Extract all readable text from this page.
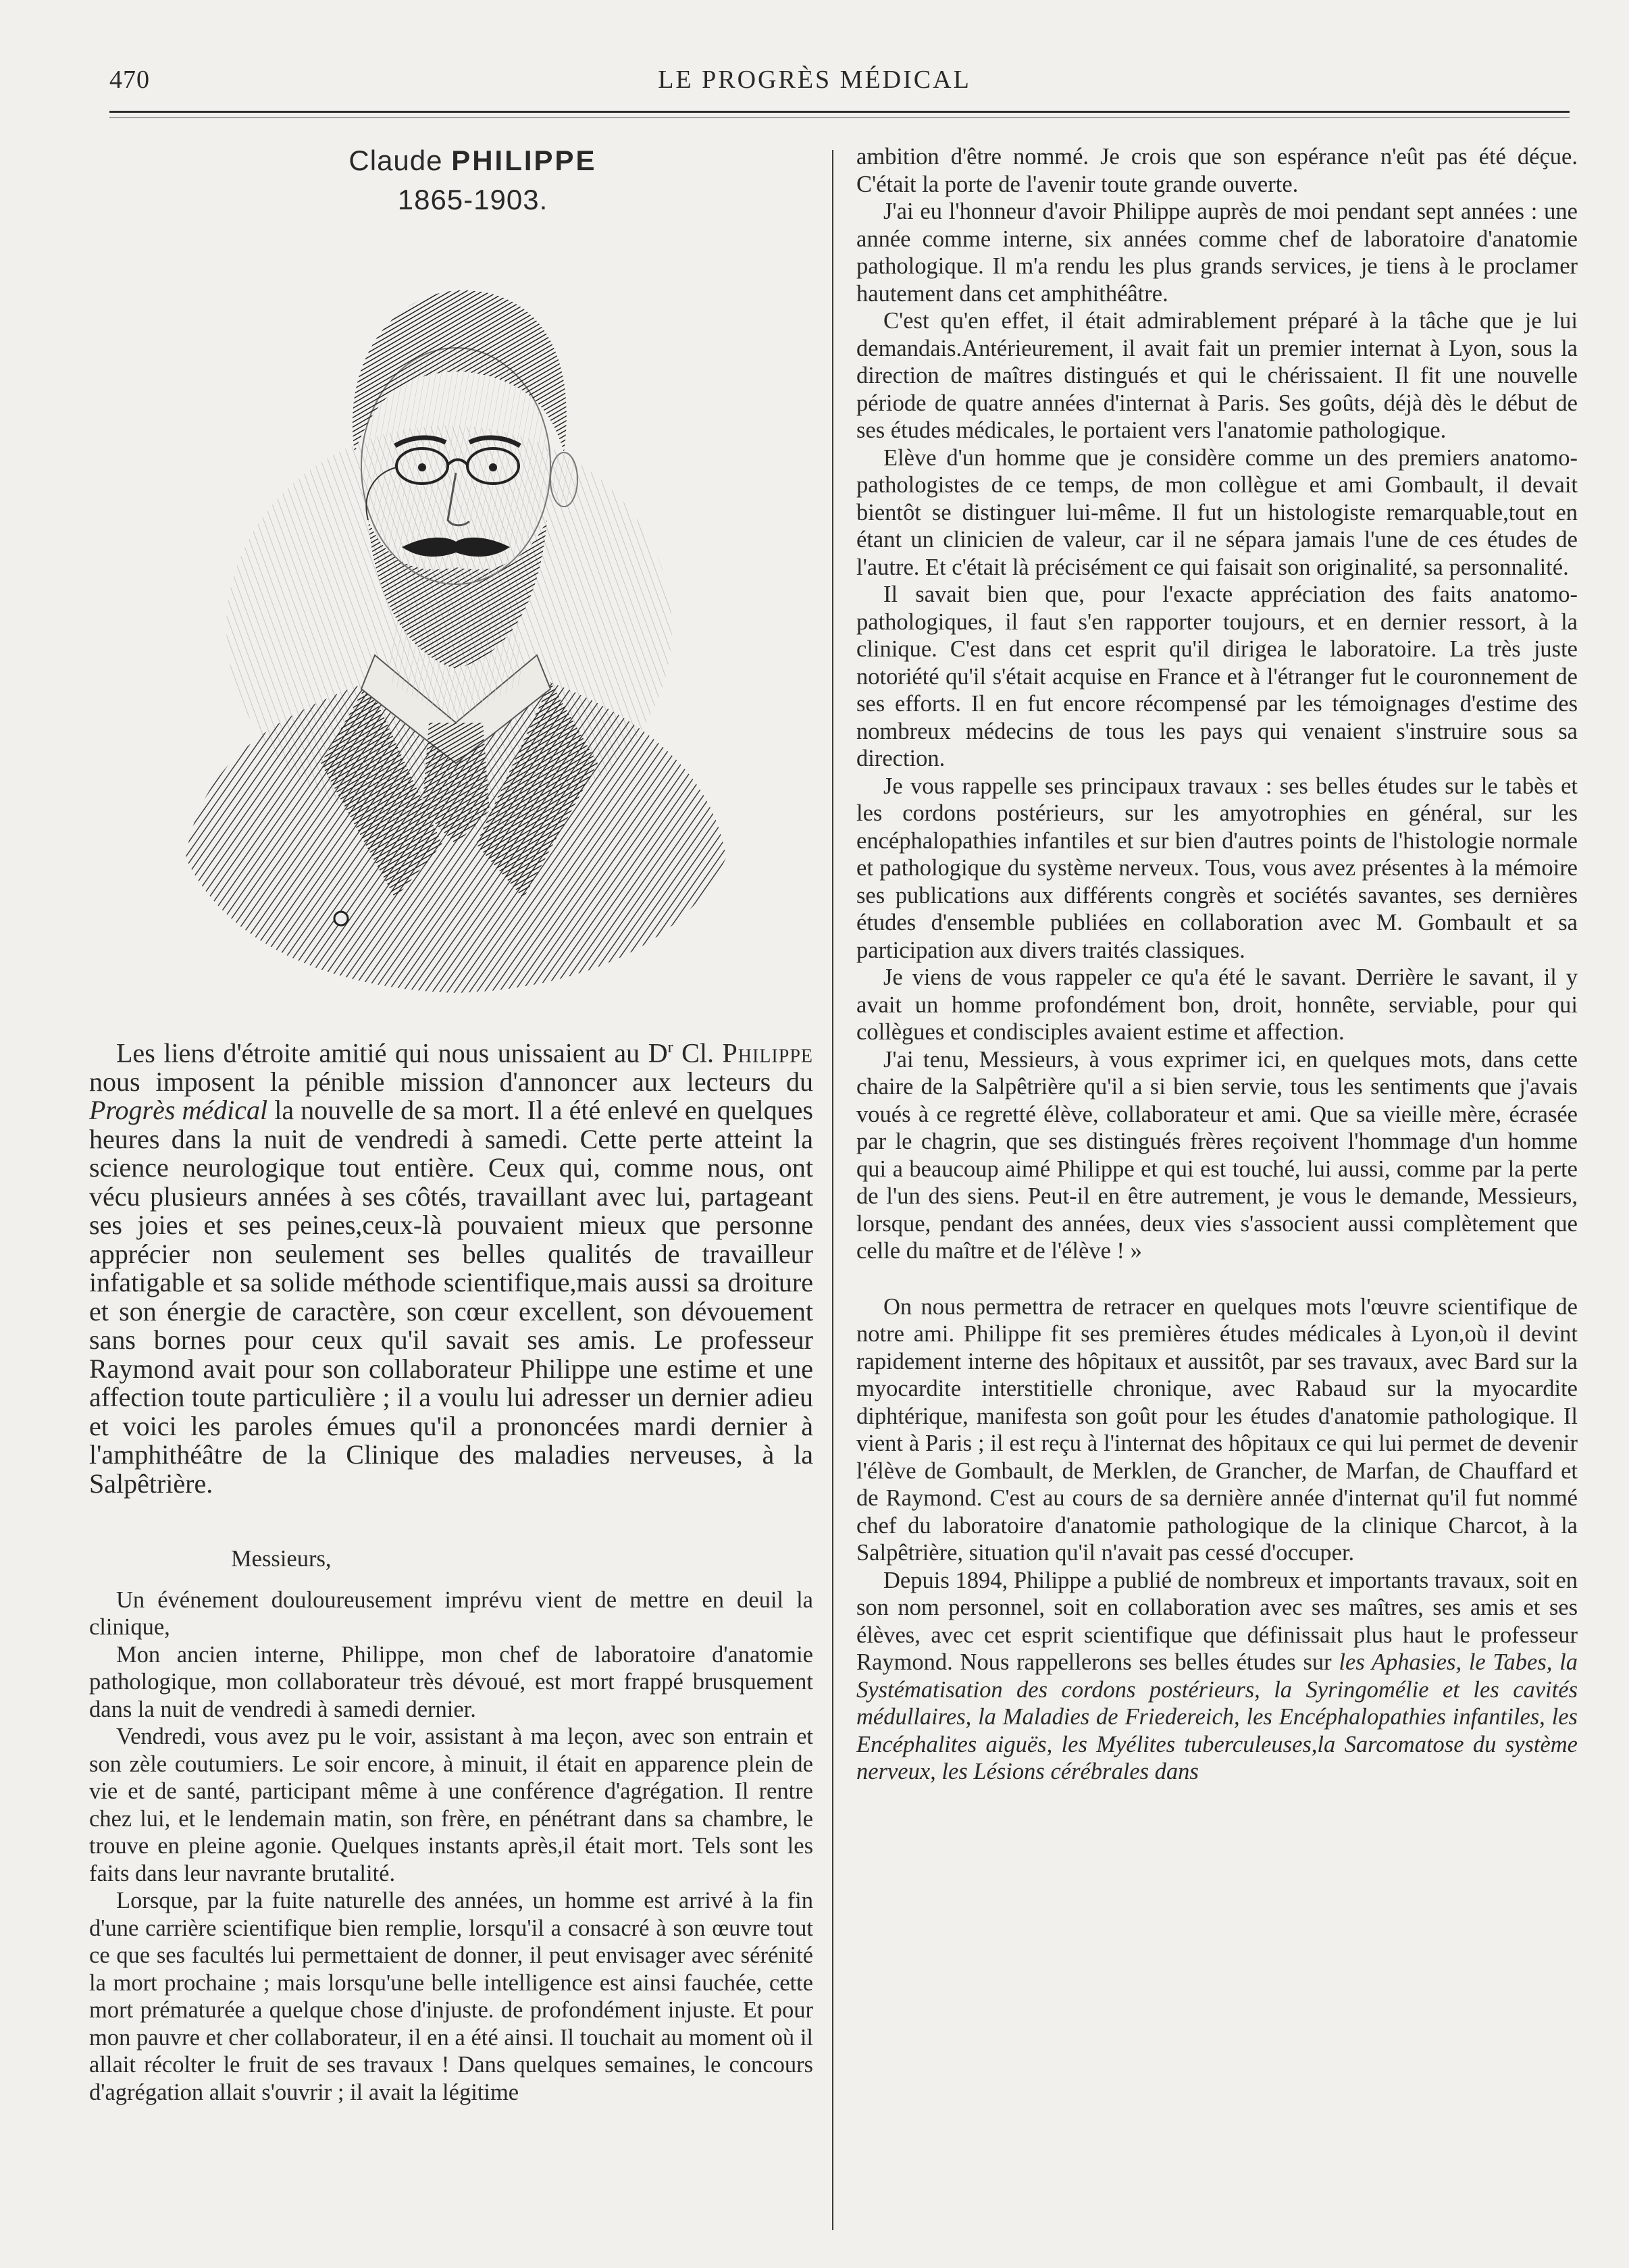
470	LE PROGRÈS MÉDICAL
Claude PHILIPPE
1865-1903.

Les liens d'étroite amitié qui nous unissaient au $D^r$ Cl. Philippe nous imposent la pénible mission d'annoncer aux lecteurs du Progrès médical la nouvelle de sa mort. Il a été enlevé en quelques heures dans la nuit de vendredi à samedi. Cette perte atteint la science neurologique tout entière. Ceux qui, comme nous, ont vécu plusieurs années à ses côtés, travaillant avec lui, partageant ses joies et ses peines,ceux-là pouvaient mieux que personne apprécier non seulement ses belles qualités de travailleur infatigable et sa solide méthode scientifique,mais aussi sa droiture et son énergie de caractère, son cœur excellent, son dévouement sans bornes pour ceux qu'il savait ses amis. Le professeur Raymond avait pour son collaborateur Philippe une estime et une affection toute particulière ; il a voulu lui adresser un dernier adieu et voici les paroles émues qu'il a prononcées mardi dernier à l'amphithéâtre de la Clinique des maladies nerveuses, à la Salpêtrière.

Messieurs,

Un événement douloureusement imprévu vient de mettre en deuil la clinique,

Mon ancien interne, Philippe, mon chef de laboratoire d'anatomie pathologique, mon collaborateur très dévoué, est mort frappé brusquement dans la nuit de vendredi à samedi dernier.

Vendredi, vous avez pu le voir, assistant à ma leçon, avec son entrain et son zèle coutumiers. Le soir encore, à minuit, il était en apparence plein de vie et de santé, participant même à une conférence d'agrégation. Il rentre chez lui, et le lendemain matin, son frère, en pénétrant dans sa chambre, le trouve en pleine agonie. Quelques instants après,il était mort. Tels sont les faits dans leur navrante brutalité.

Lorsque, par la fuite naturelle des années, un homme est arrivé à la fin d'une carrière scientifique bien remplie, lorsqu'il a consacré à son œuvre tout ce que ses facultés lui permettaient de donner, il peut envisager avec sérénité la mort prochaine ; mais lorsqu'une belle intelligence est ainsi fauchée, cette mort prématurée a quelque chose d'injuste. de profondément injuste. Et pour mon pauvre et cher collaborateur, il en a été ainsi. Il touchait au moment où il allait récolter le fruit de ses travaux ! Dans quelques semaines, le concours d'agrégation allait s'ouvrir ; il avait la légitime

ambition d'être nommé. Je crois que son espérance n'eût pas été déçue. C'était la porte de l'avenir toute grande ouverte.

J'ai eu l'honneur d'avoir Philippe auprès de moi pendant sept années : une année comme interne, six années comme chef de laboratoire d'anatomie pathologique. Il m'a rendu les plus grands services, je tiens à le proclamer hautement dans cet amphithéâtre.

C'est qu'en effet, il était admirablement préparé à la tâche que je lui demandais.Antérieurement, il avait fait un premier internat à Lyon, sous la direction de maîtres distingués et qui le chérissaient. Il fit une nouvelle période de quatre années d'internat à Paris. Ses goûts, déjà dès le début de ses études médicales, le portaient vers l'anatomie pathologique.

Elève d'un homme que je considère comme un des premiers anatomo-pathologistes de ce temps, de mon collègue et ami Gombault, il devait bientôt se distinguer lui-même. Il fut un histologiste remarquable,tout en étant un clinicien de valeur, car il ne sépara jamais l'une de ces études de l'autre. Et c'était là précisément ce qui faisait son originalité, sa personnalité.

Il savait bien que, pour l'exacte appréciation des faits anatomo-pathologiques, il faut s'en rapporter toujours, et en dernier ressort, à la clinique. C'est dans cet esprit qu'il dirigea le laboratoire. La très juste notoriété qu'il s'était acquise en France et à l'étranger fut le couronnement de ses efforts. Il en fut encore récompensé par les témoignages d'estime des nombreux médecins de tous les pays qui venaient s'instruire sous sa direction.

Je vous rappelle ses principaux travaux : ses belles études sur le tabès et les cordons postérieurs, sur les amyotrophies en général, sur les encéphalopathies infantiles et sur bien d'autres points de l'histologie normale et pathologique du système nerveux. Tous, vous avez présentes à la mémoire ses publications aux différents congrès et sociétés savantes, ses dernières études d'ensemble publiées en collaboration avec M. Gombault et sa participation aux divers traités classiques.

Je viens de vous rappeler ce qu'a été le savant. Derrière le savant, il y avait un homme profondément bon, droit, honnête, serviable, pour qui collègues et condisciples avaient estime et affection.

J'ai tenu, Messieurs, à vous exprimer ici, en quelques mots, dans cette chaire de la Salpêtrière qu'il a si bien servie, tous les sentiments que j'avais voués à ce regretté élève, collaborateur et ami. Que sa vieille mère, écrasée par le chagrin, que ses distingués frères reçoivent l'hommage d'un homme qui a beaucoup aimé Philippe et qui est touché, lui aussi, comme par la perte de l'un des siens. Peut-il en être autrement, je vous le demande, Messieurs, lorsque, pendant des années, deux vies s'associent aussi complètement que celle du maître et de l'élève ! »

On nous permettra de retracer en quelques mots l'œuvre scientifique de notre ami. Philippe fit ses premières études médicales à Lyon,où il devint rapidement interne des hôpitaux et aussitôt, par ses travaux, avec Bard sur la myocardite interstitielle chronique, avec Rabaud sur la myocardite diphtérique, manifesta son goût pour les études d'anatomie pathologique. Il vient à Paris ; il est reçu à l'internat des hôpitaux ce qui lui permet de devenir l'élève de Gombault, de Merklen, de Grancher, de Marfan, de Chauffard et de Raymond. C'est au cours de sa dernière année d'internat qu'il fut nommé chef du laboratoire d'anatomie pathologique de la clinique Charcot, à la Salpêtrière, situation qu'il n'avait pas cessé d'occuper.

Depuis 1894, Philippe a publié de nombreux et importants travaux, soit en son nom personnel, soit en collaboration avec ses maîtres, ses amis et ses élèves, avec cet esprit scientifique que définissait plus haut le professeur Raymond. Nous rappellerons ses belles études sur les Aphasies, le Tabes, la Systématisation des cordons postérieurs, la Syringomélie et les cavités médullaires, la Maladies de Friedereich, les Encéphalopathies infantiles, les Encéphalites aiguës, les Myélites tuberculeuses,la Sarcomatose du système nerveux, les Lésions cérébrales dans
